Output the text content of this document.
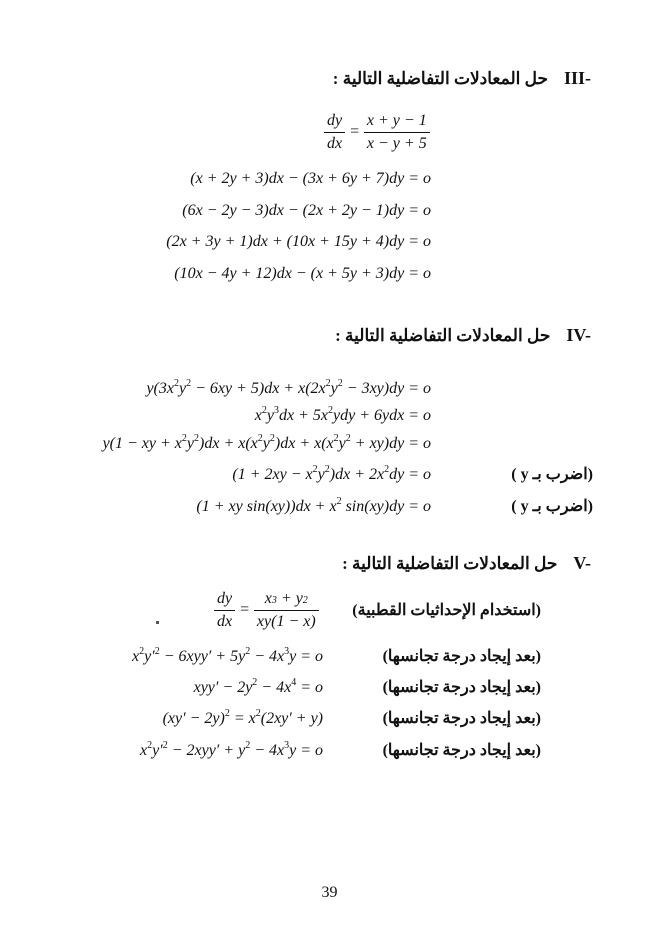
III-حل المعادلات التفاضلية التالية :
$\frac{dy}{dx} = \frac{x + y - 1}{x - y + 5}$
(x + 2y + 3)dx − (3x + 6y + 7)dy = o
(6x − 2y − 3)dx − (2x + 2y − 1)dy = o
(2x + 3y + 1)dx + (10x + 15y + 4)dy = o
(10x − 4y + 12)dx − (x + 5y + 3)dy = o
IV-حل المعادلات التفاضلية التالية :
$y(3x^2y^2 - 6xy + 5)dx + x(2x^2y^2 - 3xy)dy = o$
$x^2y^3dx + 5x^2ydy + 6ydx = o$
y(1 − xy + $x^2y^2)dx + x(x^2y^2)dx + x(x^2y^2 + xy)dy = o$
$(1 + 2xy - x^2y^2)dx + 2x^2dy = o$
(1 + xy $\sin(xy))dx + x^2$ sin(xy)dy = o
(اضرب بـ y )
(اضرب بـ y )
V-حل المعادلات التفاضلية التالية :
$\frac{dy}{dx} = \frac{x3 + y2}{xy(1 - x)}$ (استخدام الإحداثيات القطبية)
$x^2y'^2 - 6xyy' + 5y^2 - 4x^3y = o$
$xyy' - 2y^2 - 4x^4 = o$
$(xy' - 2y)^2 = x^2(2xy' + y)$
$x^2y'^2 - 2xyy' + y^2 - 4x^3y = o$
(بعد إيجاد درجة تجانسها)
(بعد إيجاد درجة تجانسها)
(بعد إيجاد درجة تجانسها)
(بعد إيجاد درجة تجانسها)
39
